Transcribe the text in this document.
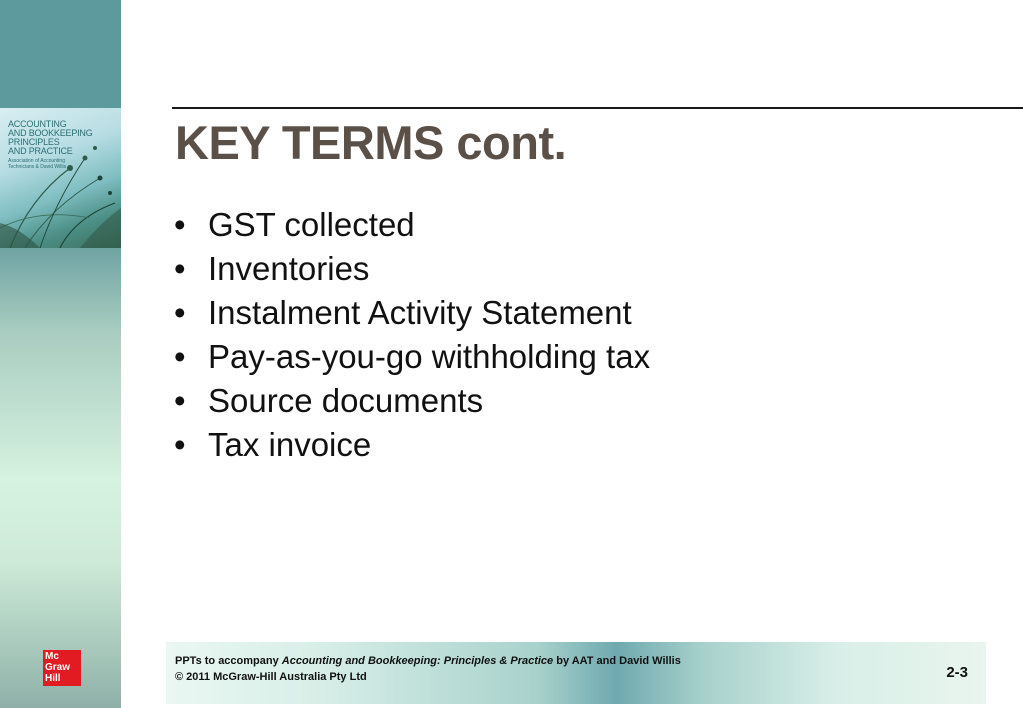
ACCOUNTING
AND BOOKKEEPING
PRINCIPLES
AND PRACTICE
Association of Accounting Technicians & David Willis
Mc
Graw
Hill
KEY TERMS cont.
• GST collected
• Inventories
• Instalment Activity Statement
• Pay-as-you-go withholding tax
• Source documents
• Tax invoice
PPTs to accompany Accounting and Bookkeeping: Principles & Practice by AAT and David Willis
© 2011 McGraw-Hill Australia Pty Ltd	2-3
